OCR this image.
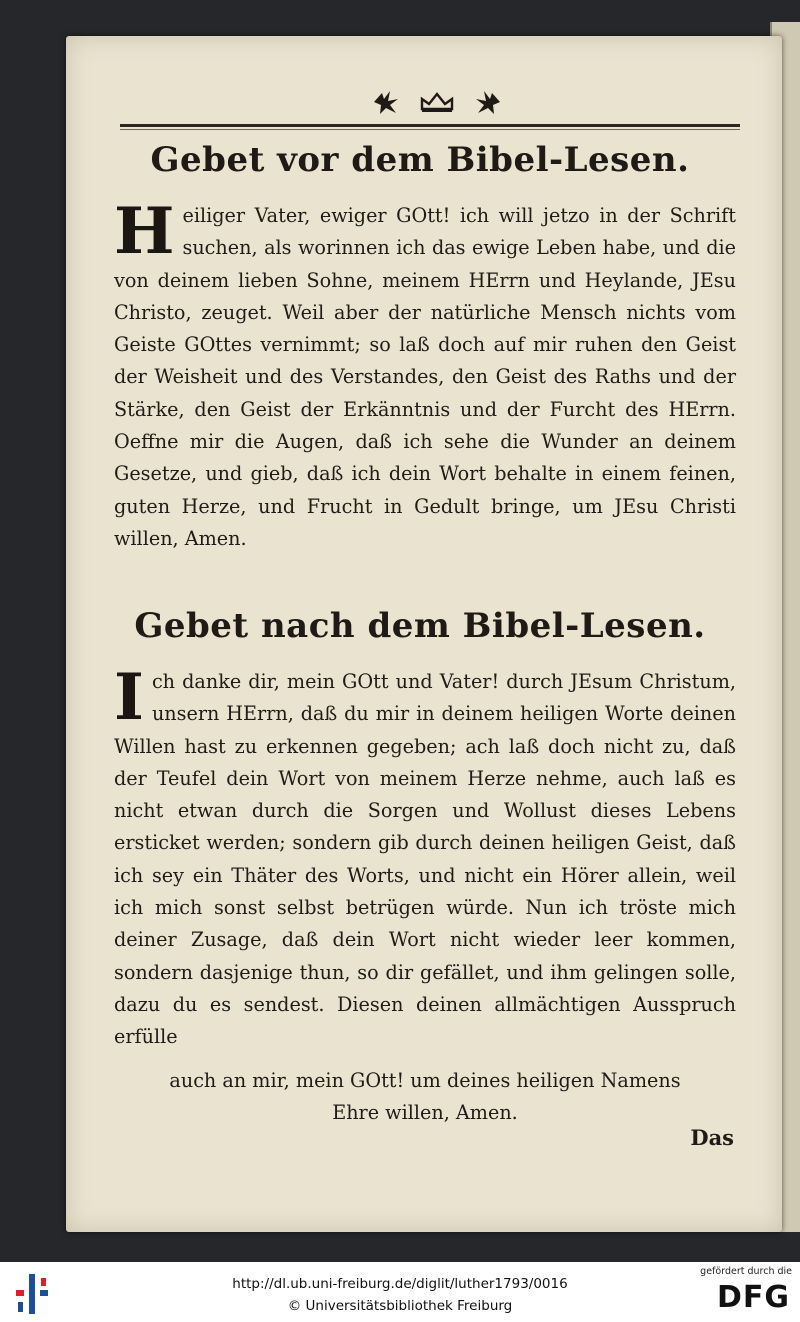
Gebet vor dem Bibel-Lesen.

Heiliger Vater, ewiger GOtt! ich will jetzo in der Schrift suchen, als worinnen ich das ewige Leben habe, und die von deinem lieben Sohne, meinem HErrn und Heylande, JEsu Christo, zeuget. Weil aber der natürliche Mensch nichts vom Geiste GOttes vernimmt; so laß doch auf mir ruhen den Geist der Weisheit und des Verstandes, den Geist des Raths und der Stärke, den Geist der Erkänntnis und der Furcht des HErrn. Oeffne mir die Augen, daß ich sehe die Wunder an deinem Gesetze, und gieb, daß ich dein Wort behalte in einem feinen, guten Herze, und Frucht in Gedult bringe, um JEsu Christi willen, Amen.

Gebet nach dem Bibel-Lesen.

Ich danke dir, mein GOtt und Vater! durch JEsum Christum, unsern HErrn, daß du mir in deinem heiligen Worte deinen Willen hast zu erkennen gegeben; ach laß doch nicht zu, daß der Teufel dein Wort von meinem Herze nehme, auch laß es nicht etwan durch die Sorgen und Wollust dieses Lebens ersticket werden; sondern gib durch deinen heiligen Geist, daß ich sey ein Thäter des Worts, und nicht ein Hörer allein, weil ich mich sonst selbst betrügen würde. Nun ich tröste mich deiner Zusage, daß dein Wort nicht wieder leer kommen, sondern dasjenige thun, so dir gefället, und ihm gelingen solle, dazu du es sendest. Diesen deinen allmächtigen Ausspruch erfülle

auch an mir, mein GOtt! um deines heiligen Namens
Ehre willen, Amen.
Das
http://dl.ub.uni-freiburg.de/diglit/luther1793/0016
© Universitätsbibliothek Freiburg
gefördert durch die
DFG
